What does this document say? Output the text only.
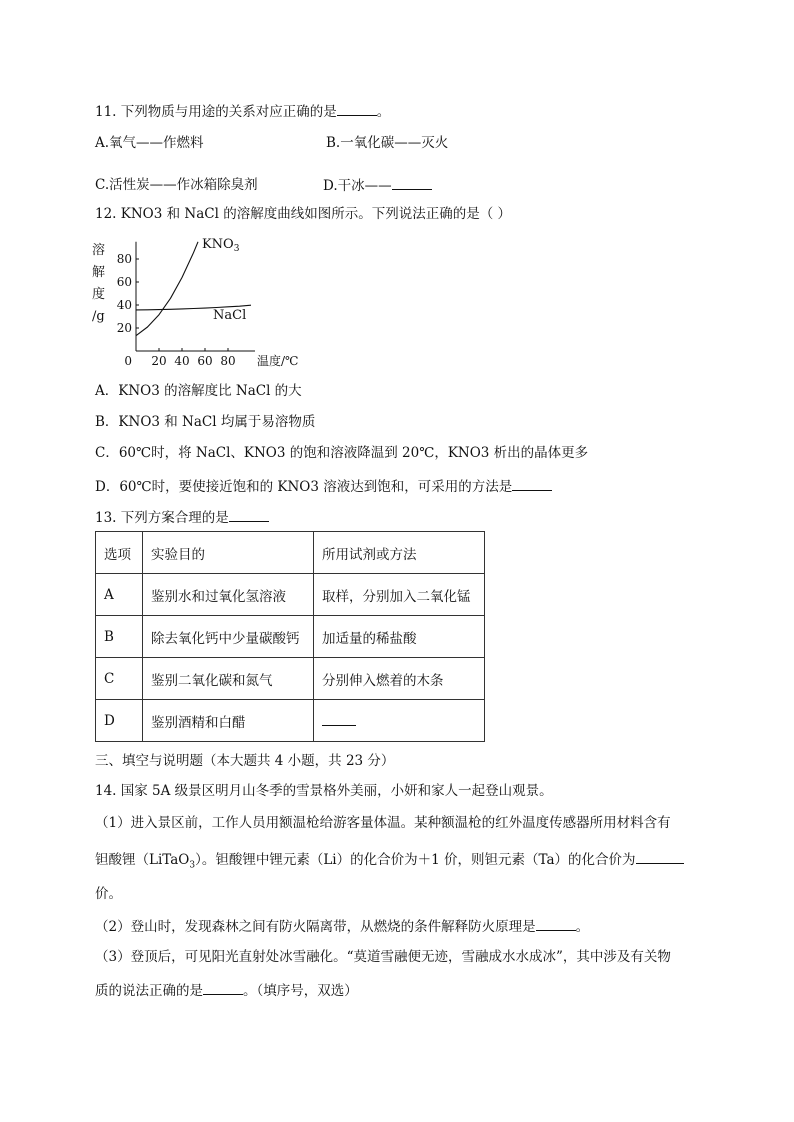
11. 下列物质与用途的关系对应正确的是	。
A.氧气——作燃料	B.一氧化碳——灭火
C.活性炭——作冰箱除臭剂	D.干冰——
12. KNO3 和 NaCl 的溶解度曲线如图所示。下列说法正确的是（ ）
20
40
60
80
20 40 60 80
0	温度/℃
溶
解
度
/g
$KNO_3$
NaCl
A．KNO3 的溶解度比 NaCl 的大
B．KNO3 和 NaCl 均属于易溶物质
C．60℃时，将 NaCl、KNO3 的饱和溶液降温到 20℃，KNO3 析出的晶体更多
D．60℃时，要使接近饱和的 KNO3 溶液达到饱和，可采用的方法是
13. 下列方案合理的是
选项	实验目的	所用试剂或方法
A	鉴别水和过氧化氢溶液	取样，分别加入二氧化锰
B	除去氧化钙中少量碳酸钙	加适量的稀盐酸
C	鉴别二氧化碳和氮气	分别伸入燃着的木条
D	鉴别酒精和白醋	
三、填空与说明题（本大题共 4 小题，共 23 分）
14. 国家 5A 级景区明月山冬季的雪景格外美丽，小妍和家人一起登山观景。
（1）进入景区前，工作人员用额温枪给游客量体温。某种额温枪的红外温度传感器所用材料含有
钽酸锂（LiTaO$_3$）。钽酸锂中锂元素（Li）的化合价为＋1 价，则钽元素（Ta）的化合价为
价。
（2）登山时，发现森林之间有防火隔离带，从燃烧的条件解释防火原理是	。
（3）登顶后，可见阳光直射处冰雪融化。“莫道雪融便无迹，雪融成水水成冰”，其中涉及有关物
质的说法正确的是	。（填序号，双选）
